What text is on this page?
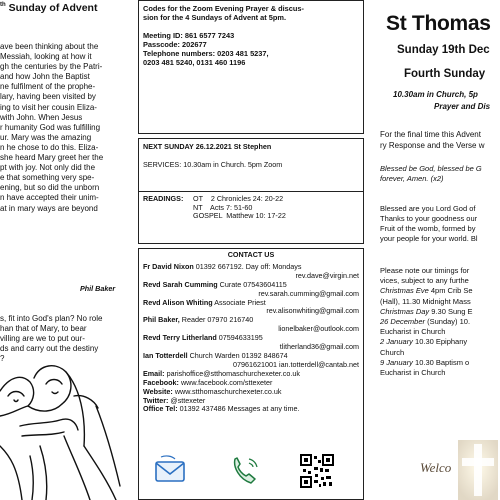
$^{th}$ Sunday of Advent

ave been thinking about the

Messiah, looking at how it

gh the centuries by the Patri-

and how John the Baptist

ne fulfilment of the prophe-

lary, having been visited by

ing to visit her cousin Eliza-

with John. When Jesus

r humanity God was fulfilling

ur. Mary was the amazing

n he chose to do this. Eliza-

she heard Mary greet her the

pt with joy. Not only did the

e that something very spe-

ening, but so did the unborn

n have accepted their unim-

at in mary ways are beyond

s, fit into God's plan? No role

han that of Mary, to bear

villing are we to put our-

ds and carry out the destiny

?

Phil Baker

Codes for the Zoom Evening Prayer & discus-

sion for the 4 Sundays of Advent at 5pm.

Meeting ID: 861 6577 7243

Passcode: 202677

Telephone numbers: 0203 481 5237,

0203 481 5240, 0131 460 1196

NEXT SUNDAY 26.12.2021 St Stephen

SERVICES: 10.30am in Church. 5pm Zoom

READINGS: OT    2 Chronicles 24: 20-22

NT    Acts 7: 51-60

GOSPEL  Matthew 10: 17-22

CONTACT US

Fr David Nixon 01392 667192. Day off: Mondays

rev.dave@virgin.net

Revd Sarah Cumming Curate 07543604115

rev.sarah.cumming@gmail.com

Revd Alison Whiting Associate Priest

rev.alisonwhiting@gmail.com

Phil Baker, Reader 07970 216740

lionelbaker@outlook.com

Revd Terry Litherland 07594633195

tlitherland36@gmail.com

Ian Totterdell Church Warden 01392 848674

07961621001 ian.totterdell@cantab.net

Email: parishoffice@stthomaschurchexeter.co.uk

Facebook: www.facebook.com/sttexeter

Website: www.stthomaschurchexeter.co.uk

Twitter: @sttexeter

Office Tel: 01392 437486 Messages at any time.

St Thomas
Sunday 19th Dec
Fourth Sunday
10.30am in Church, 5p
Prayer and Dis

For the final time this Advent

ry Response and the Verse w

Blessed be God, blessed be G

forever, Amen. (x2)

Blessed are you Lord God of

Thanks to your goodness our

Fruit of the womb, formed by

your people for your world. Bl

Please note our timings for

vices, subject to any furthe

Christmas Eve 4pm Crib Se

(Hall), 11.30 Midnight Mass

Christmas Day 9.30 Sung E

26 December (Sunday) 10.

Eucharist in Church

2 January 10.30 Epiphany

Church

9 January 10.30 Baptism o

Eucharist in Church

Welco
